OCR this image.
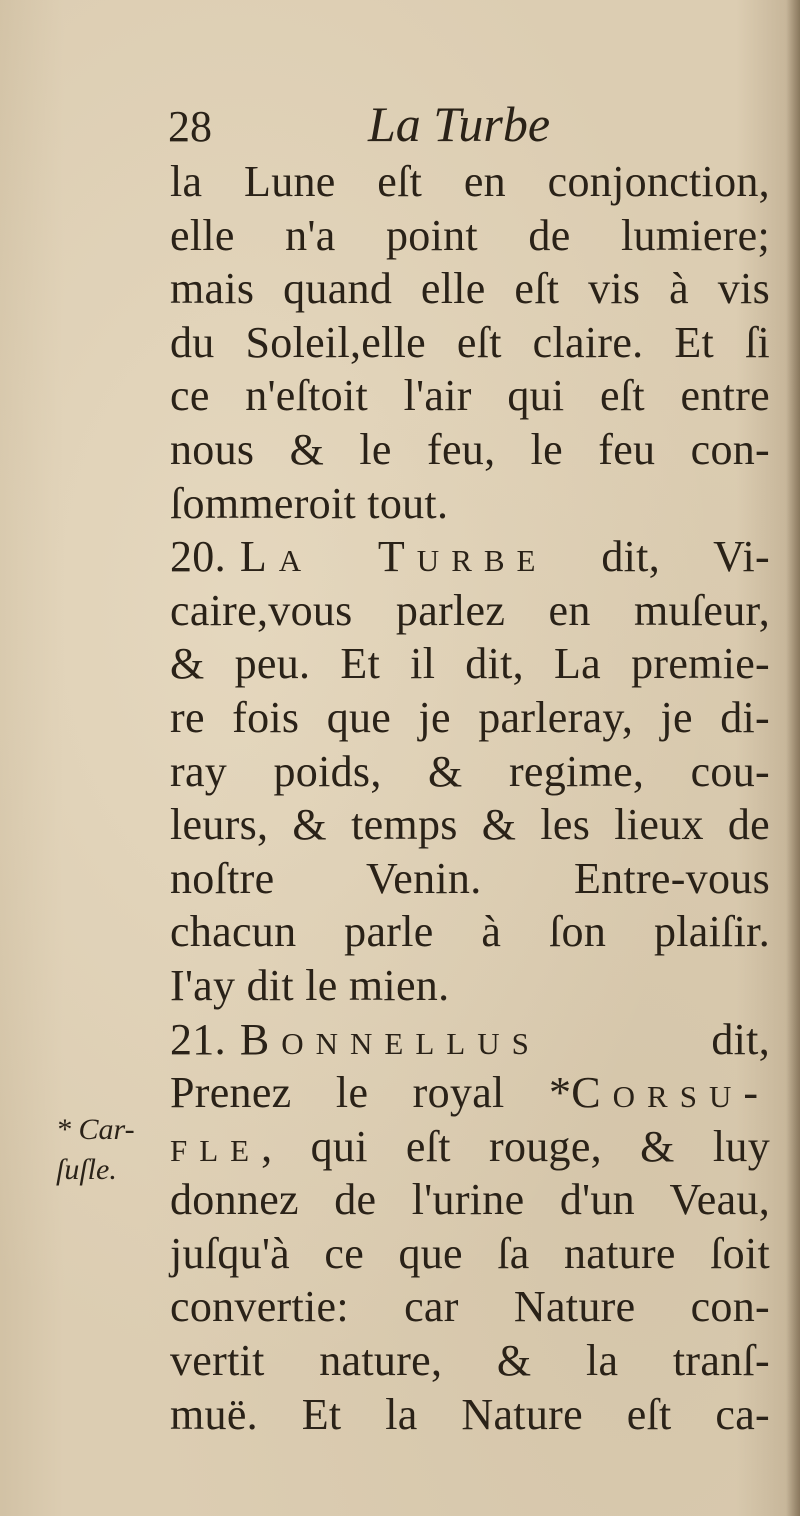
28	La Turbe
* Car-
ſuſle.
la Lune eſt en conjonction,
elle n'a point de lumiere;
mais quand elle eſt vis à vis
du Soleil,elle eſt claire. Et ſi
ce n'eſtoit l'air qui eſt entre
nous & le feu, le feu con-
ſommeroit tout.
20. La Turbe dit, Vi-
caire,vous parlez en muſeur,
& peu. Et il dit, La premie-
re fois que je parleray, je di-
ray poids, & regime, cou-
leurs, & temps & les lieux de
noſtre Venin. Entre-vous
chacun parle à ſon plaiſir.
I'ay dit le mien.
21. Bonnellus	dit,
Prenez le royal *Corsu-
fle, qui eſt rouge, & luy
donnez de l'urine d'un Veau,
juſqu'à ce que ſa nature ſoit
convertie: car Nature con-
vertit nature, & la tranſ-
muë. Et la Nature eſt ca-
